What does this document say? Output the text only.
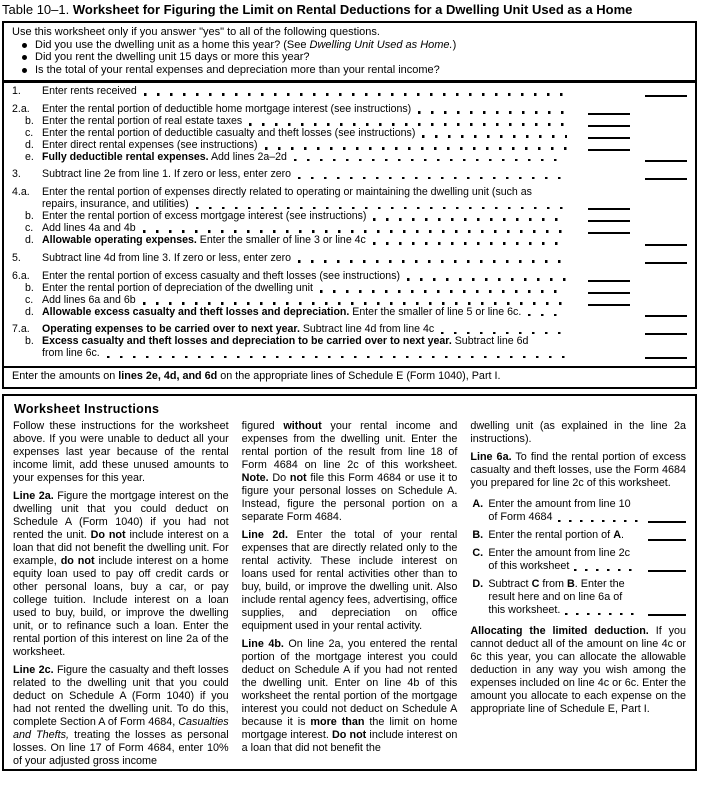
Table 10–1. Worksheet for Figuring the Limit on Rental Deductions for a Dwelling Unit Used as a Home
Use this worksheet only if you answer "yes" to all of the following questions.
Did you use the dwelling unit as a home this year? (See Dwelling Unit Used as Home.)
Did you rent the dwelling unit 15 days or more this year?
Is the total of your rental expenses and depreciation more than your rental income?
1.	Enter rents received
2.a.	Enter the rental portion of deductible home mortgage interest (see instructions)
b. Enter the rental portion of real estate taxes
c. Enter the rental portion of deductible casualty and theft losses (see instructions)
d. Enter direct rental expenses (see instructions)
e. Fully deductible rental expenses. Add lines 2a–2d
3.	Subtract line 2e from line 1. If zero or less, enter zero
4.a.	Enter the rental portion of expenses directly related to operating or maintaining the dwelling unit (such as
repairs, insurance, and utilities)
b. Enter the rental portion of excess mortgage interest (see instructions)
c. Add lines 4a and 4b
d. Allowable operating expenses. Enter the smaller of line 3 or line 4c
5.	Subtract line 4d from line 3. If zero or less, enter zero
6.a.	Enter the rental portion of excess casualty and theft losses (see instructions)
b. Enter the rental portion of depreciation of the dwelling unit
c. Add lines 6a and 6b
d. Allowable excess casualty and theft losses and depreciation. Enter the smaller of line 5 or line 6c.
7.a.	Operating expenses to be carried over to next year. Subtract line 4d from line 4c
b. Excess casualty and theft losses and depreciation to be carried over to next year. Subtract line 6d
from line 6c.
Enter the amounts on lines 2e, 4d, and 6d on the appropriate lines of Schedule E (Form 1040), Part I.
Worksheet Instructions

Follow these instructions for the worksheet above. If you were unable to deduct all your expenses last year because of the rental income limit, add these unused amounts to your expenses for this year.

Line 2a. Figure the mortgage interest on the dwelling unit that you could deduct on Schedule A (Form 1040) if you had not rented the unit. Do not include interest on a loan that did not benefit the dwelling unit. For example, do not include interest on a home equity loan used to pay off credit cards or other personal loans, buy a car, or pay college tuition. Include interest on a loan used to buy, build, or improve the dwelling unit, or to refinance such a loan. Enter the rental portion of this interest on line 2a of the worksheet.

Line 2c. Figure the casualty and theft losses related to the dwelling unit that you could deduct on Schedule A (Form 1040) if you had not rented the dwelling unit. To do this, complete Section A of Form 4684, Casualties and Thefts, treating the losses as personal losses. On line 17 of Form 4684, enter 10% of your adjusted gross income

figured without your rental income and expenses from the dwelling unit. Enter the rental portion of the result from line 18 of Form 4684 on line 2c of this worksheet. Note. Do not file this Form 4684 or use it to figure your personal losses on Schedule A. Instead, figure the personal portion on a separate Form 4684.

Line 2d. Enter the total of your rental expenses that are directly related only to the rental activity. These include interest on loans used for rental activities other than to buy, build, or improve the dwelling unit. Also include rental agency fees, advertising, office supplies, and depreciation on office equipment used in your rental activity.

Line 4b. On line 2a, you entered the rental portion of the mortgage interest you could deduct on Schedule A if you had not rented the dwelling unit. Enter on line 4b of this worksheet the rental portion of the mortgage interest you could not deduct on Schedule A because it is more than the limit on home mortgage interest. Do not include interest on a loan that did not benefit the

dwelling unit (as explained in the line 2a instructions).

Line 6a. To find the rental portion of excess casualty and theft losses, use the Form 4684 you prepared for line 2c of this worksheet.

A. Enter the amount from line 10
of Form 4684
B. Enter the rental portion of A.
C. Enter the amount from line 2c
of this worksheet
D. Subtract C from B. Enter the
result here and on line 6a of
this worksheet.

Allocating the limited deduction. If you cannot deduct all of the amount on line 4c or 6c this year, you can allocate the allowable deduction in any way you wish among the expenses included on line 4c or 6c. Enter the amount you allocate to each expense on the appropriate line of Schedule E, Part I.
